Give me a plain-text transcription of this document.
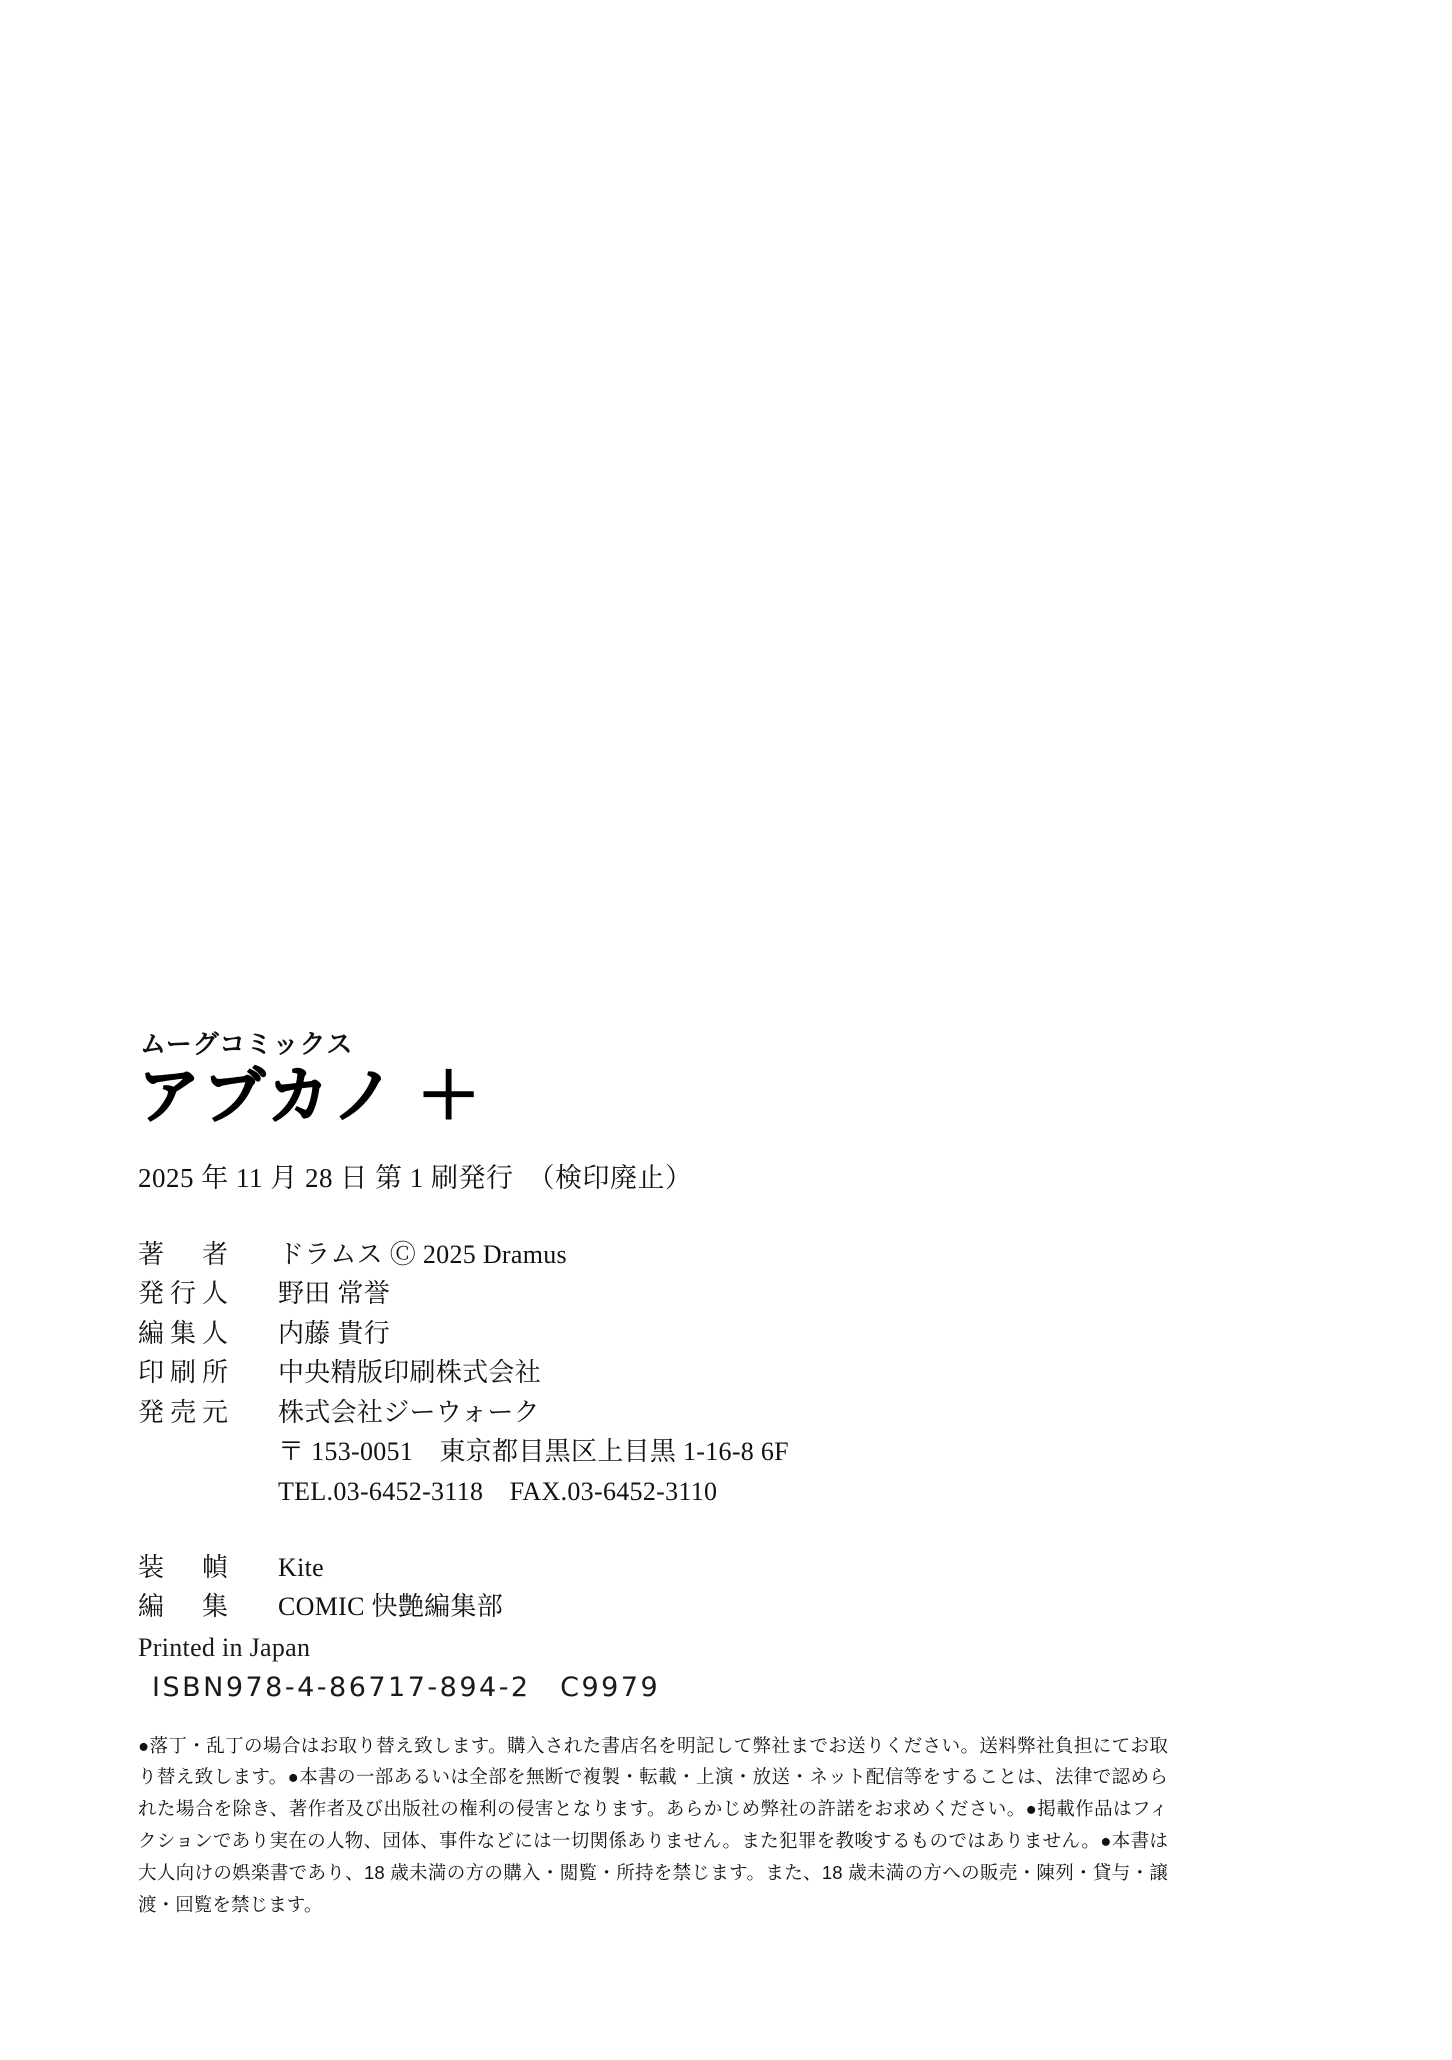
ムーグコミックス
アブカノ ＋
2025 年 11 月 28 日 第 1 刷発行　（検印廃止）
著　者	ドラムス Ⓒ 2025 Dramus
発行人	野田 常誉
編集人	内藤 貴行
印刷所	中央精版印刷株式会社
発売元	株式会社ジーウォーク
〒 153-0051　東京都目黒区上目黒 1-16-8 6F
TEL.03-6452-3118　FAX.03-6452-3110
装　幀	Kite
編　集	COMIC 快艶編集部
Printed in Japan
ISBN978-4-86717-894-2　C9979
●落丁・乱丁の場合はお取り替え致します。購入された書店名を明記して弊社までお送りください。送料弊社負担にてお取り替え致します。●本書の一部あるいは全部を無断で複製・転載・上演・放送・ネット配信等をすることは、法律で認められた場合を除き、著作者及び出版社の権利の侵害となります。あらかじめ弊社の許諾をお求めください。●掲載作品はフィクションであり実在の人物、団体、事件などには一切関係ありません。また犯罪を教唆するものではありません。●本書は大人向けの娯楽書であり、18 歳未満の方の購入・閲覧・所持を禁じます。また、18 歳未満の方への販売・陳列・貸与・譲渡・回覧を禁じます。
